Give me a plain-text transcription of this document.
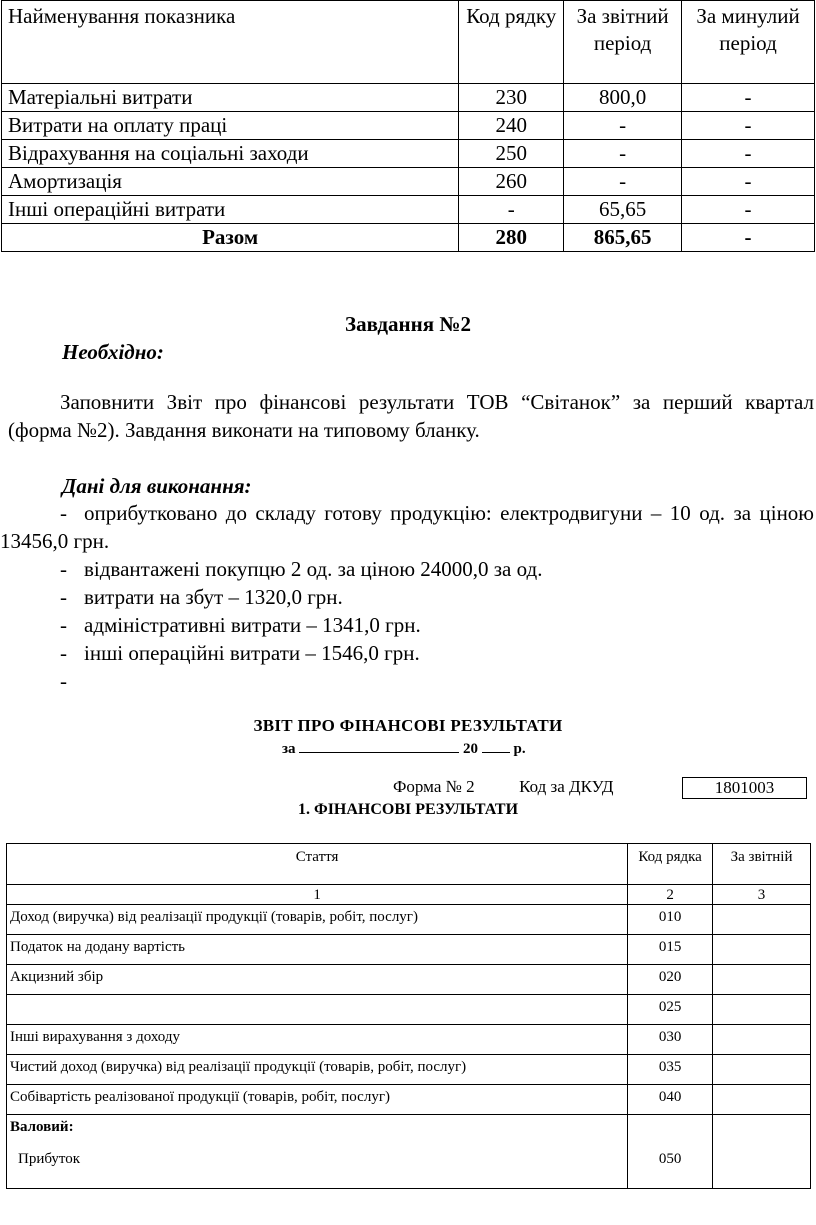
Найменування показника	Код рядку	За звітний період	За минулий період
Матеріальні витрати	230	800,0	-
Витрати на оплату праці	240	-	-
Відрахування на соціальні заходи	250	-	-
Амортизація	260	-	-
Інші операційні витрати	-	65,65	-
Разом	280	865,65	-
Завдання №2
Необхідно:
Заповнити Звіт про фінансові результати ТОВ “Світанок” за перший квартал (форма №2). Завдання виконати на типовому бланку.
Дані для виконання:
- оприбутковано до складу готову продукцію: електродвигуни – 10 од. за ціною 13456,0 грн.
- відвантажені покупцю 2 од. за ціною 24000,0 за од.
- витрати на збут – 1320,0 грн.
- адміністративні витрати – 1341,0 грн.
- інші операційні витрати – 1546,0 грн.
-
ЗВІТ ПРО ФІНАНСОВІ РЕЗУЛЬТАТИ
за	20 р.
Форма № 2	Код за ДКУД	1801003
1. ФІНАНСОВІ РЕЗУЛЬТАТИ
Стаття	Код рядка	За звітній
1	2	3
Доход (виручка) від реалізації продукції (товарів, робіт, послуг)	010	
Податок на додану вартість	015	
Акцизний збір	020	
	025	
Інші вирахування з доходу	030	
Чистий доход (виручка) від реалізації продукції (товарів, робіт, послуг)	035	
Собівартість реалізованої продукції (товарів, робіт, послуг)	040	

Валовий:
Прибуток	050	
